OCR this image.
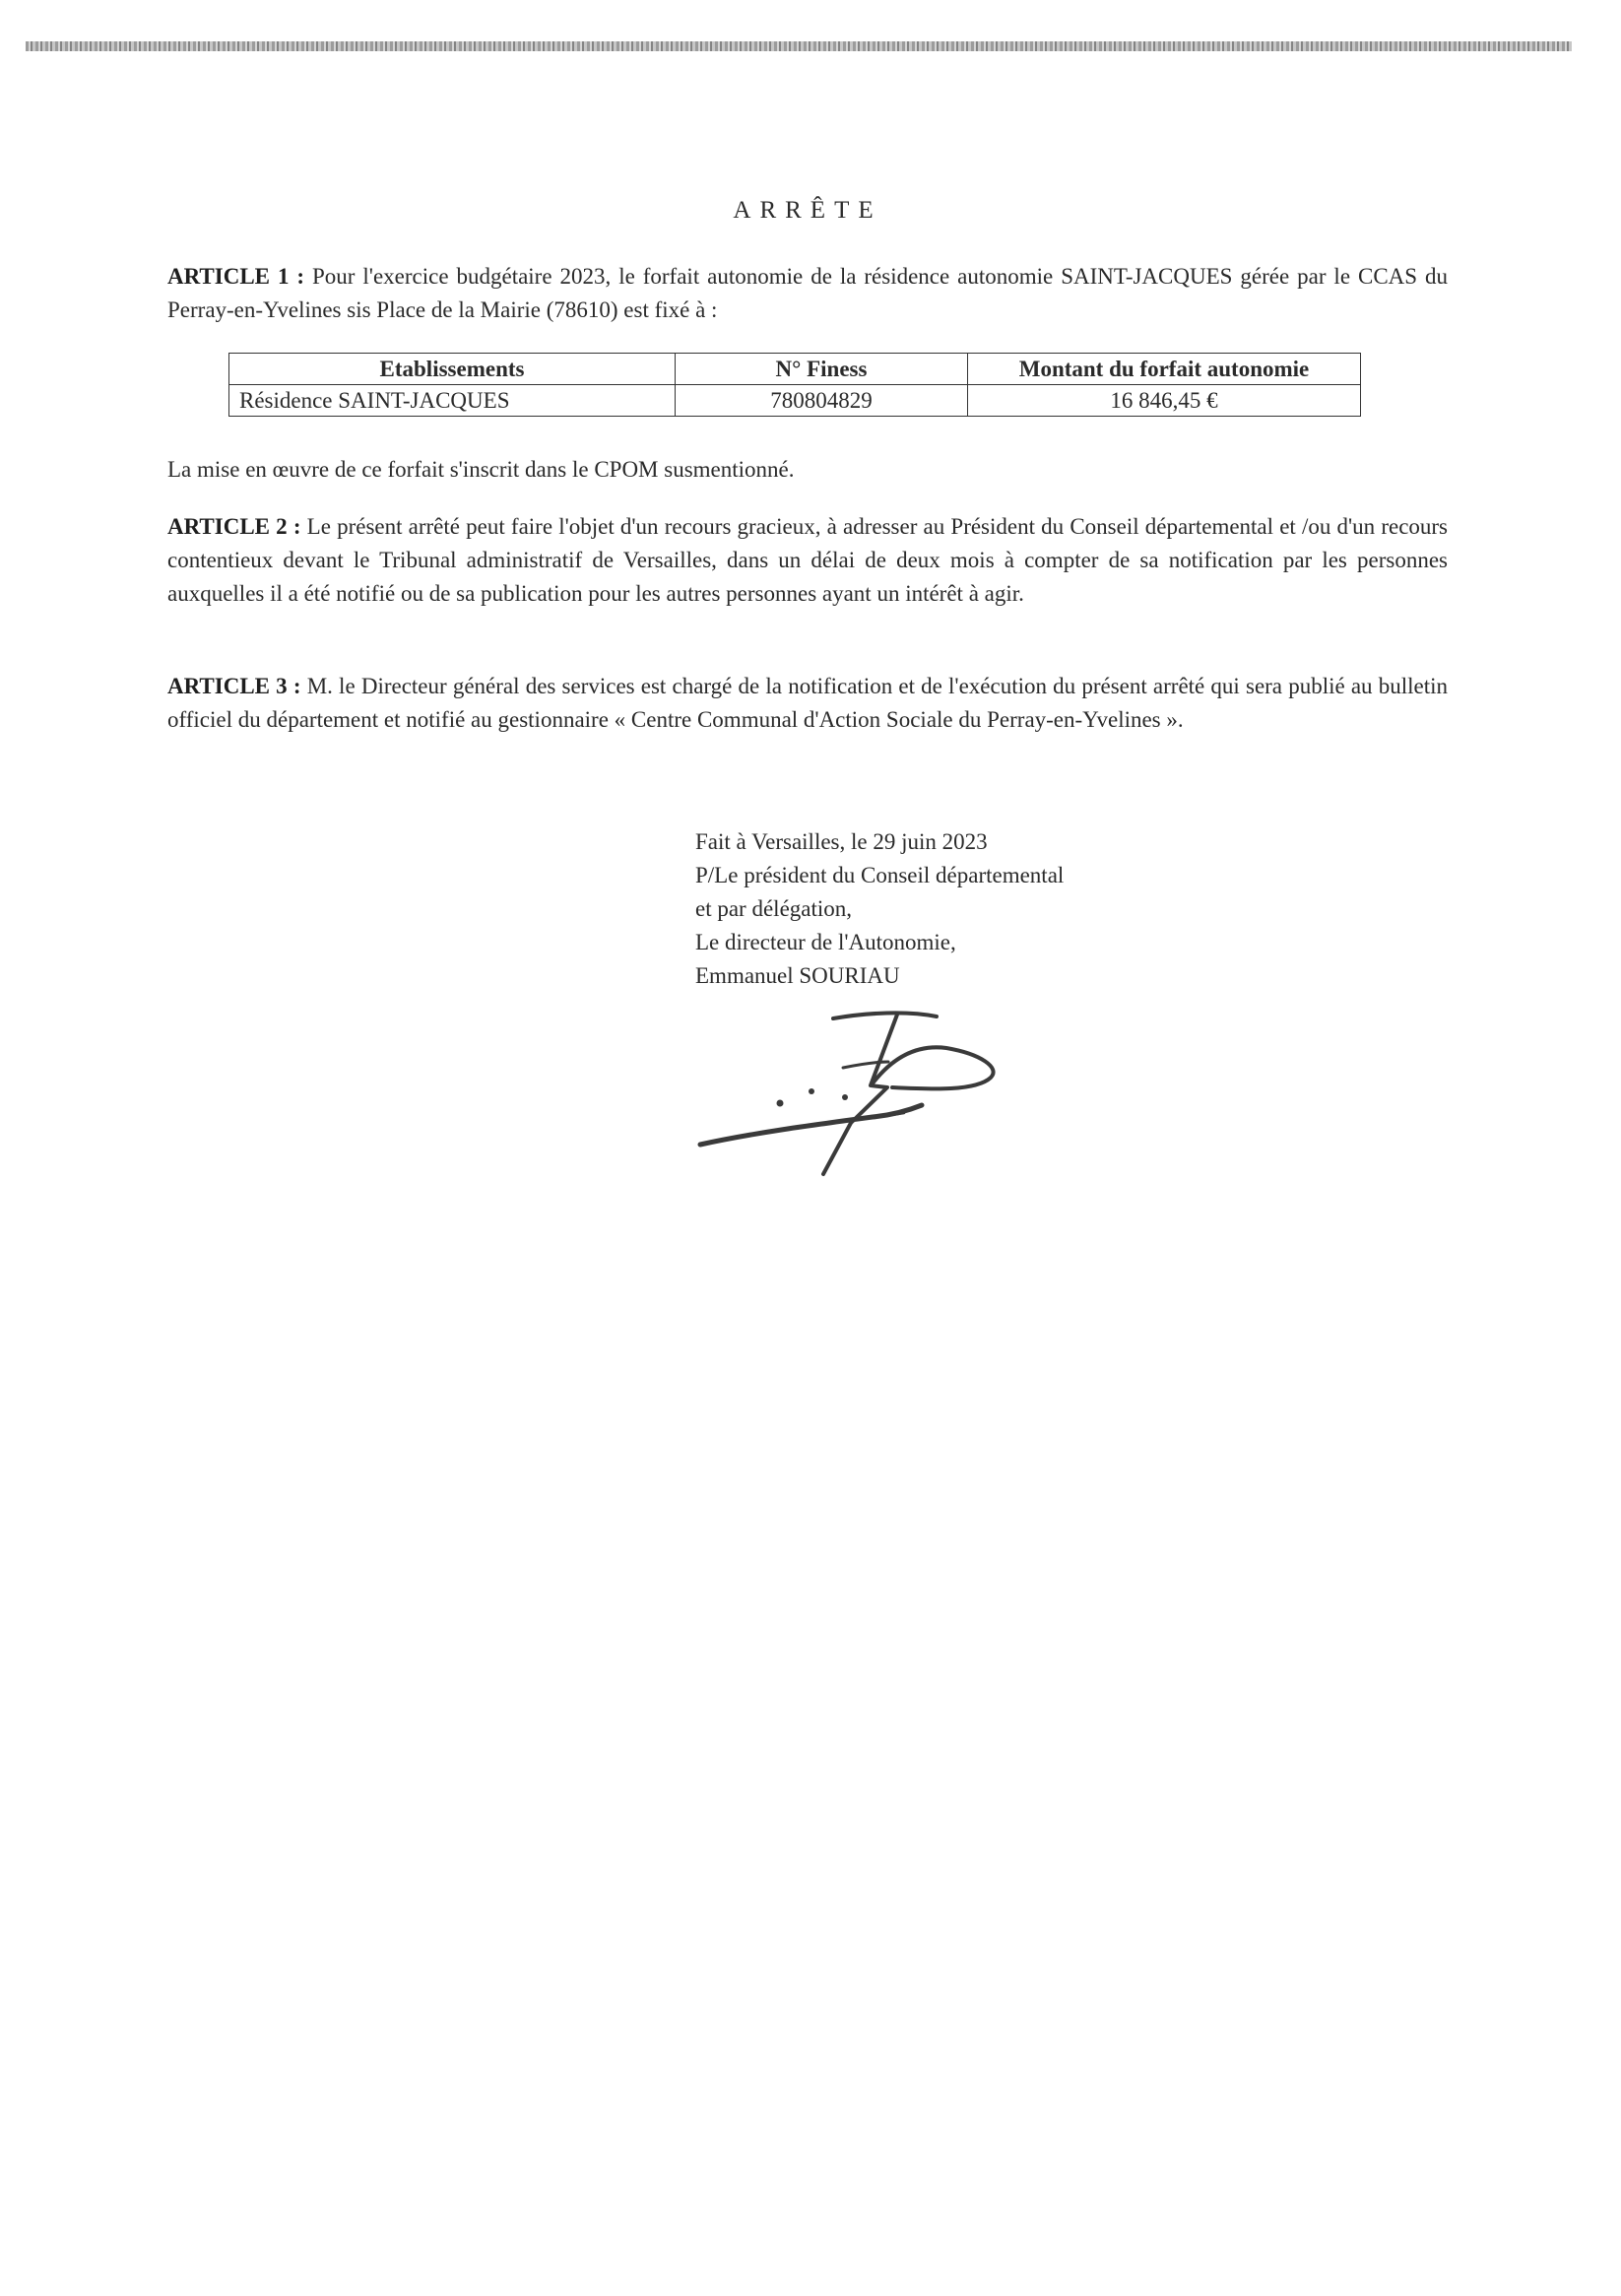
ARRÊTE
ARTICLE 1 : Pour l'exercice budgétaire 2023, le forfait autonomie de la résidence autonomie SAINT-JACQUES gérée par le CCAS du Perray-en-Yvelines sis Place de la Mairie (78610) est fixé à :
Etablissements	N° Finess	Montant du forfait autonomie
Résidence SAINT-JACQUES	780804829	16 846,45 €
La mise en œuvre de ce forfait s'inscrit dans le CPOM susmentionné.
ARTICLE 2 : Le présent arrêté peut faire l'objet d'un recours gracieux, à adresser au Président du Conseil départemental et /ou d'un recours contentieux devant le Tribunal administratif de Versailles, dans un délai de deux mois à compter de sa notification par les personnes auxquelles il a été notifié ou de sa publication pour les autres personnes ayant un intérêt à agir.
ARTICLE 3 : M. le Directeur général des services est chargé de la notification et de l'exécution du présent arrêté qui sera publié au bulletin officiel du département et notifié au gestionnaire « Centre Communal d'Action Sociale du Perray-en-Yvelines ».
Fait à Versailles, le 29 juin 2023
P/Le président du Conseil départemental
et par délégation,
Le directeur de l'Autonomie,
Emmanuel SOURIAU
